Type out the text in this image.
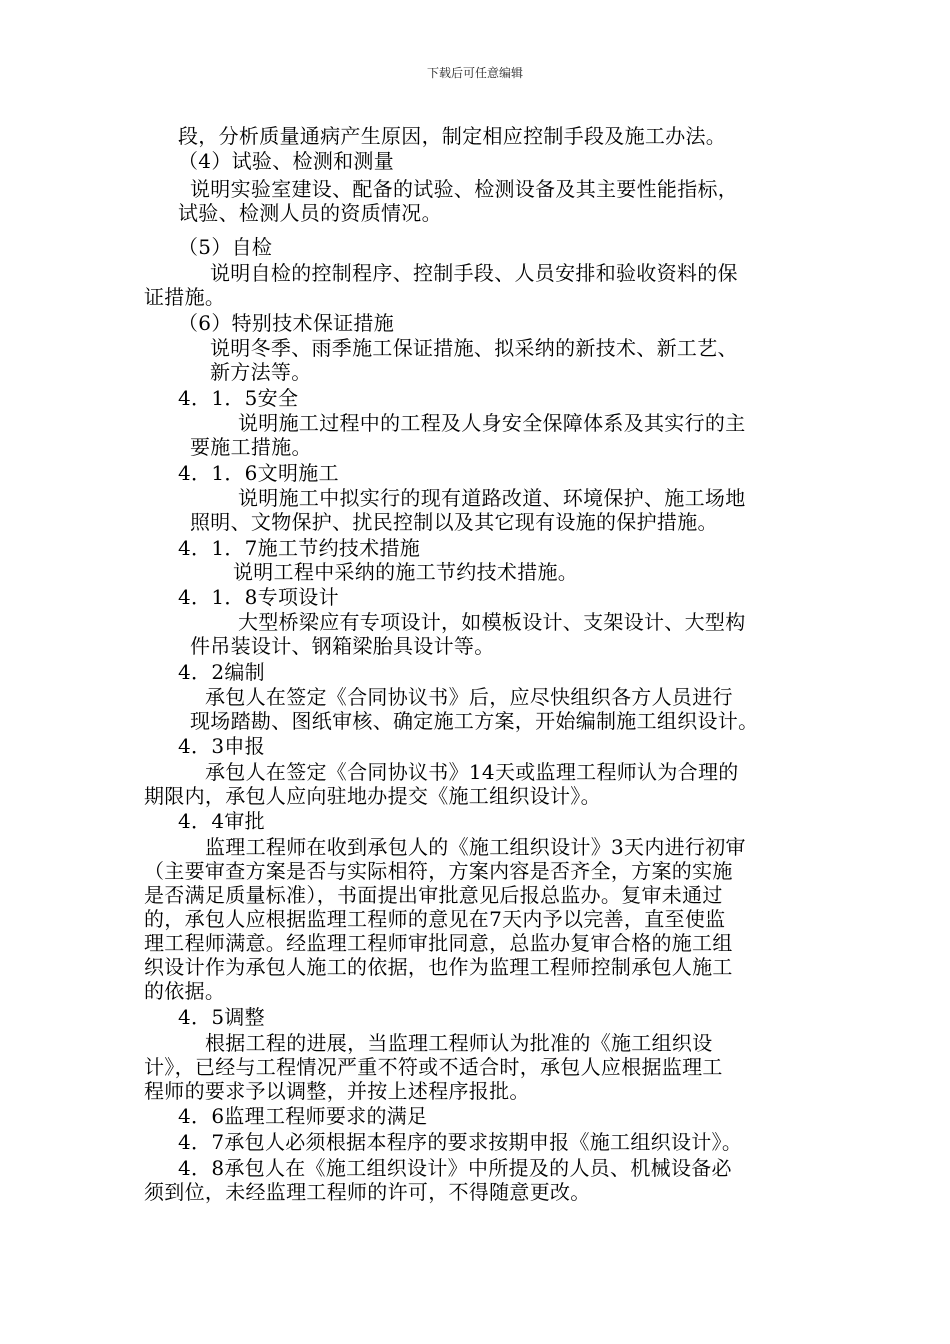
下载后可任意编辑
段，分析质量通病产生原因，制定相应控制手段及施工办法。
（4）试验、检测和测量
说明实验室建设、配备的试验、检测设备及其主要性能指标，
试验、检测人员的资质情况。
（5）自检
说明自检的控制程序、控制手段、人员安排和验收资料的保
证措施。
（6）特别技术保证措施
说明冬季、雨季施工保证措施、拟采纳的新技术、新工艺、
新方法等。
4．1．5安全
说明施工过程中的工程及人身安全保障体系及其实行的主
要施工措施。
4．1．6文明施工
说明施工中拟实行的现有道路改道、环境保护、施工场地
照明、文物保护、扰民控制以及其它现有设施的保护措施。
4．1．7施工节约技术措施
说明工程中采纳的施工节约技术措施。
4．1．8专项设计
大型桥梁应有专项设计，如模板设计、支架设计、大型构
件吊装设计、钢箱梁胎具设计等。
4．2编制
承包人在签定《合同协议书》后，应尽快组织各方人员进行
现场踏勘、图纸审核、确定施工方案，开始编制施工组织设计。
4．3申报
承包人在签定《合同协议书》14天或监理工程师认为合理的
期限内，承包人应向驻地办提交《施工组织设计》。
4．4审批
监理工程师在收到承包人的《施工组织设计》3天内进行初审
（主要审查方案是否与实际相符，方案内容是否齐全，方案的实施
是否满足质量标准），书面提出审批意见后报总监办。复审未通过
的，承包人应根据监理工程师的意见在7天内予以完善，直至使监
理工程师满意。经监理工程师审批同意，总监办复审合格的施工组
织设计作为承包人施工的依据，也作为监理工程师控制承包人施工
的依据。
4．5调整
根据工程的进展，当监理工程师认为批准的《施工组织设
计》，已经与工程情况严重不符或不适合时，承包人应根据监理工
程师的要求予以调整，并按上述程序报批。
4．6监理工程师要求的满足
4．7承包人必须根据本程序的要求按期申报《施工组织设计》。
4．8承包人在《施工组织设计》中所提及的人员、机械设备必
须到位，未经监理工程师的许可，不得随意更改。
